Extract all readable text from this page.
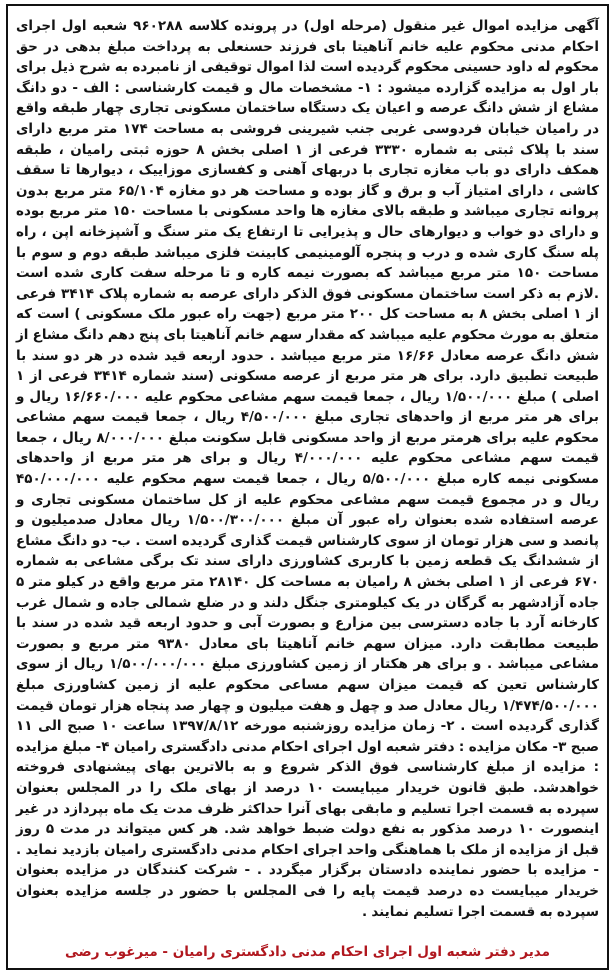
آگهی مزایده اموال غیر منقول (مرحله اول) در پرونده کلاسه ۹۶۰۲۸۸ شعبه اول اجرای احکام مدنی محکوم علیه خانم آناهیتا بای فرزند حسنعلی به پرداخت مبلغ بدهی در حق محکوم له داود حسینی محکوم گردیده است لذا اموال توقیفی از نامبرده به شرح ذیل برای بار اول به مزایده گزارده میشود : ۱- مشخصات مال و قیمت کارشناسی : الف - دو دانگ مشاع از شش دانگ عرصه و اعیان یک دستگاه ساختمان مسکونی تجاری چهار طبقه واقع در رامیان خیابان فردوسی غربی جنب شیرینی فروشی به مساحت ۱۷۴ متر مربع دارای سند با پلاک ثبتی به شماره ۳۳۳۰ فرعی از ۱ اصلی بخش ۸ حوزه ثبتی رامیان ، طبقه همکف دارای دو باب مغازه تجاری با دربهای آهنی و کفسازی موزاییک ، دیوارها تا سقف کاشی ، دارای امتیاز آب و برق و گاز بوده و مساحت هر دو مغازه ۶۵/۱۰۴ متر مربع بدون پروانه تجاری میباشد و طبقه بالای مغازه ها واحد مسکونی با مساحت ۱۵۰ متر مربع بوده و دارای دو خواب و دیوارهای حال و پذیرایی تا ارتفاع یک متر سنگ و آشپزخانه اپن ، راه پله سنگ کاری شده و درب و پنجره آلومینیمی کابینت فلزی میباشد طبقه دوم و سوم با مساحت ۱۵۰ متر مربع میباشد که بصورت نیمه کاره و تا مرحله سفت کاری شده است .لازم به ذکر است ساختمان مسکونی فوق الذکر دارای عرصه به شماره پلاک ۳۴۱۴ فرعی از ۱ اصلی بخش ۸ به مساحت کل ۲۰۰ متر مربع (جهت راه عبور ملک مسکونی ) است که متعلق به مورث محکوم علیه میباشد که مقدار سهم خانم آناهیتا بای پنج دهم دانگ مشاع از شش دانگ عرصه معادل ۱۶/۶۶ متر مربع میباشد . حدود اربعه قید شده در هر دو سند با طبیعت تطبیق دارد. برای هر متر مربع از عرصه مسکونی (سند شماره ۳۴۱۴ فرعی از ۱ اصلی ) مبلغ ۱/۵۰۰/۰۰۰ ریال ، جمعا قیمت سهم مشاعی محکوم علیه ۱۶/۶۶۰/۰۰۰ ریال و برای هر متر مربع از واحدهای تجاری مبلغ ۴/۵۰۰/۰۰۰ ریال ، جمعا قیمت سهم مشاعی محکوم علیه برای هرمتر مربع از واحد مسکونی قابل سکونت مبلغ ۸/۰۰۰/۰۰۰ ریال ، جمعا قیمت سهم مشاعی محکوم علیه ۴/۰۰۰/۰۰۰ ریال و برای هر متر مربع از واحدهای مسکونی نیمه کاره مبلغ ۵/۵۰۰/۰۰۰ ریال ، جمعا قیمت سهم محکوم علیه ۴۵۰/۰۰۰/۰۰۰ ریال و در مجموع قیمت سهم مشاعی محکوم علیه از کل ساختمان مسکونی تجاری و عرصه استفاده شده بعنوان راه عبور آن مبلغ ۱/۵۰۰/۳۰۰/۰۰۰ ریال معادل صدمیلیون و پانصد و سی هزار تومان از سوی کارشناس قیمت گذاری گردیده است . ب- دو دانگ مشاع از ششدانگ یک قطعه زمین با کاربری کشاورزی دارای سند تک برگی مشاعی به شماره ۶۷۰ فرعی از ۱ اصلی بخش ۸ رامیان به مساحت کل ۲۸۱۴۰ متر مربع واقع در کیلو متر ۵ جاده آزادشهر به گرگان در یک کیلومتری جنگل دلند و در ضلع شمالی جاده و شمال غرب کارخانه آرد با جاده دسترسی بین مزارع و بصورت آبی و حدود اربعه قید شده در سند با طبیعت مطابقت دارد. میزان سهم خانم آناهیتا بای معادل ۹۳۸۰ متر مربع و بصورت مشاعی میباشد . و برای هر هکتار از زمین کشاورزی مبلغ ۱/۵۰۰/۰۰۰/۰۰۰ ریال از سوی کارشناس تعین که قیمت میزان سهم مساعی محکوم علیه از زمین کشاورزی مبلغ ۱/۴۷۴/۵۰۰/۰۰۰ ریال معادل صد و چهل و هفت میلیون و چهار صد پنجاه هزار تومان قیمت گذاری گردیده است . ۲- زمان مزایده روزشنبه مورخه ۱۳۹۷/۸/۱۲ ساعت ۱۰ صبح الی ۱۱ صبح ۳- مکان مزایده : دفتر شعبه اول اجرای احکام مدنی دادگستری رامیان ۴- مبلغ مزایده : مزایده از مبلغ کارشناسی فوق الذکر شروع و به بالاترین بهای پیشنهادی فروخته خواهدشد. طبق قانون خریدار میبایست ۱۰ درصد از بهای ملک را در المجلس بعنوان سپرده به قسمت اجرا تسلیم و مابقی بهای آنرا حداکثر ظرف مدت یک ماه بپردازد در غیر اینصورت ۱۰ درصد مذکور به نفع دولت ضبط خواهد شد. هر کس میتواند در مدت ۵ روز قبل از مزایده از ملک با هماهنگی واحد اجرای احکام مدنی دادگستری رامیان بازدید نماید . - مزایده با حضور نماینده دادستان برگزار میگردد . - شرکت کنندگان در مزایده بعنوان خریدار میبایست ده درصد قیمت پایه را فی المجلس با حضور در جلسه مزایده بعنوان سپرده به قسمت اجرا تسلیم نمایند .

مدیر دفتر شعبه اول اجرای احکام مدنی دادگستری رامیان - میرغوب رضی
